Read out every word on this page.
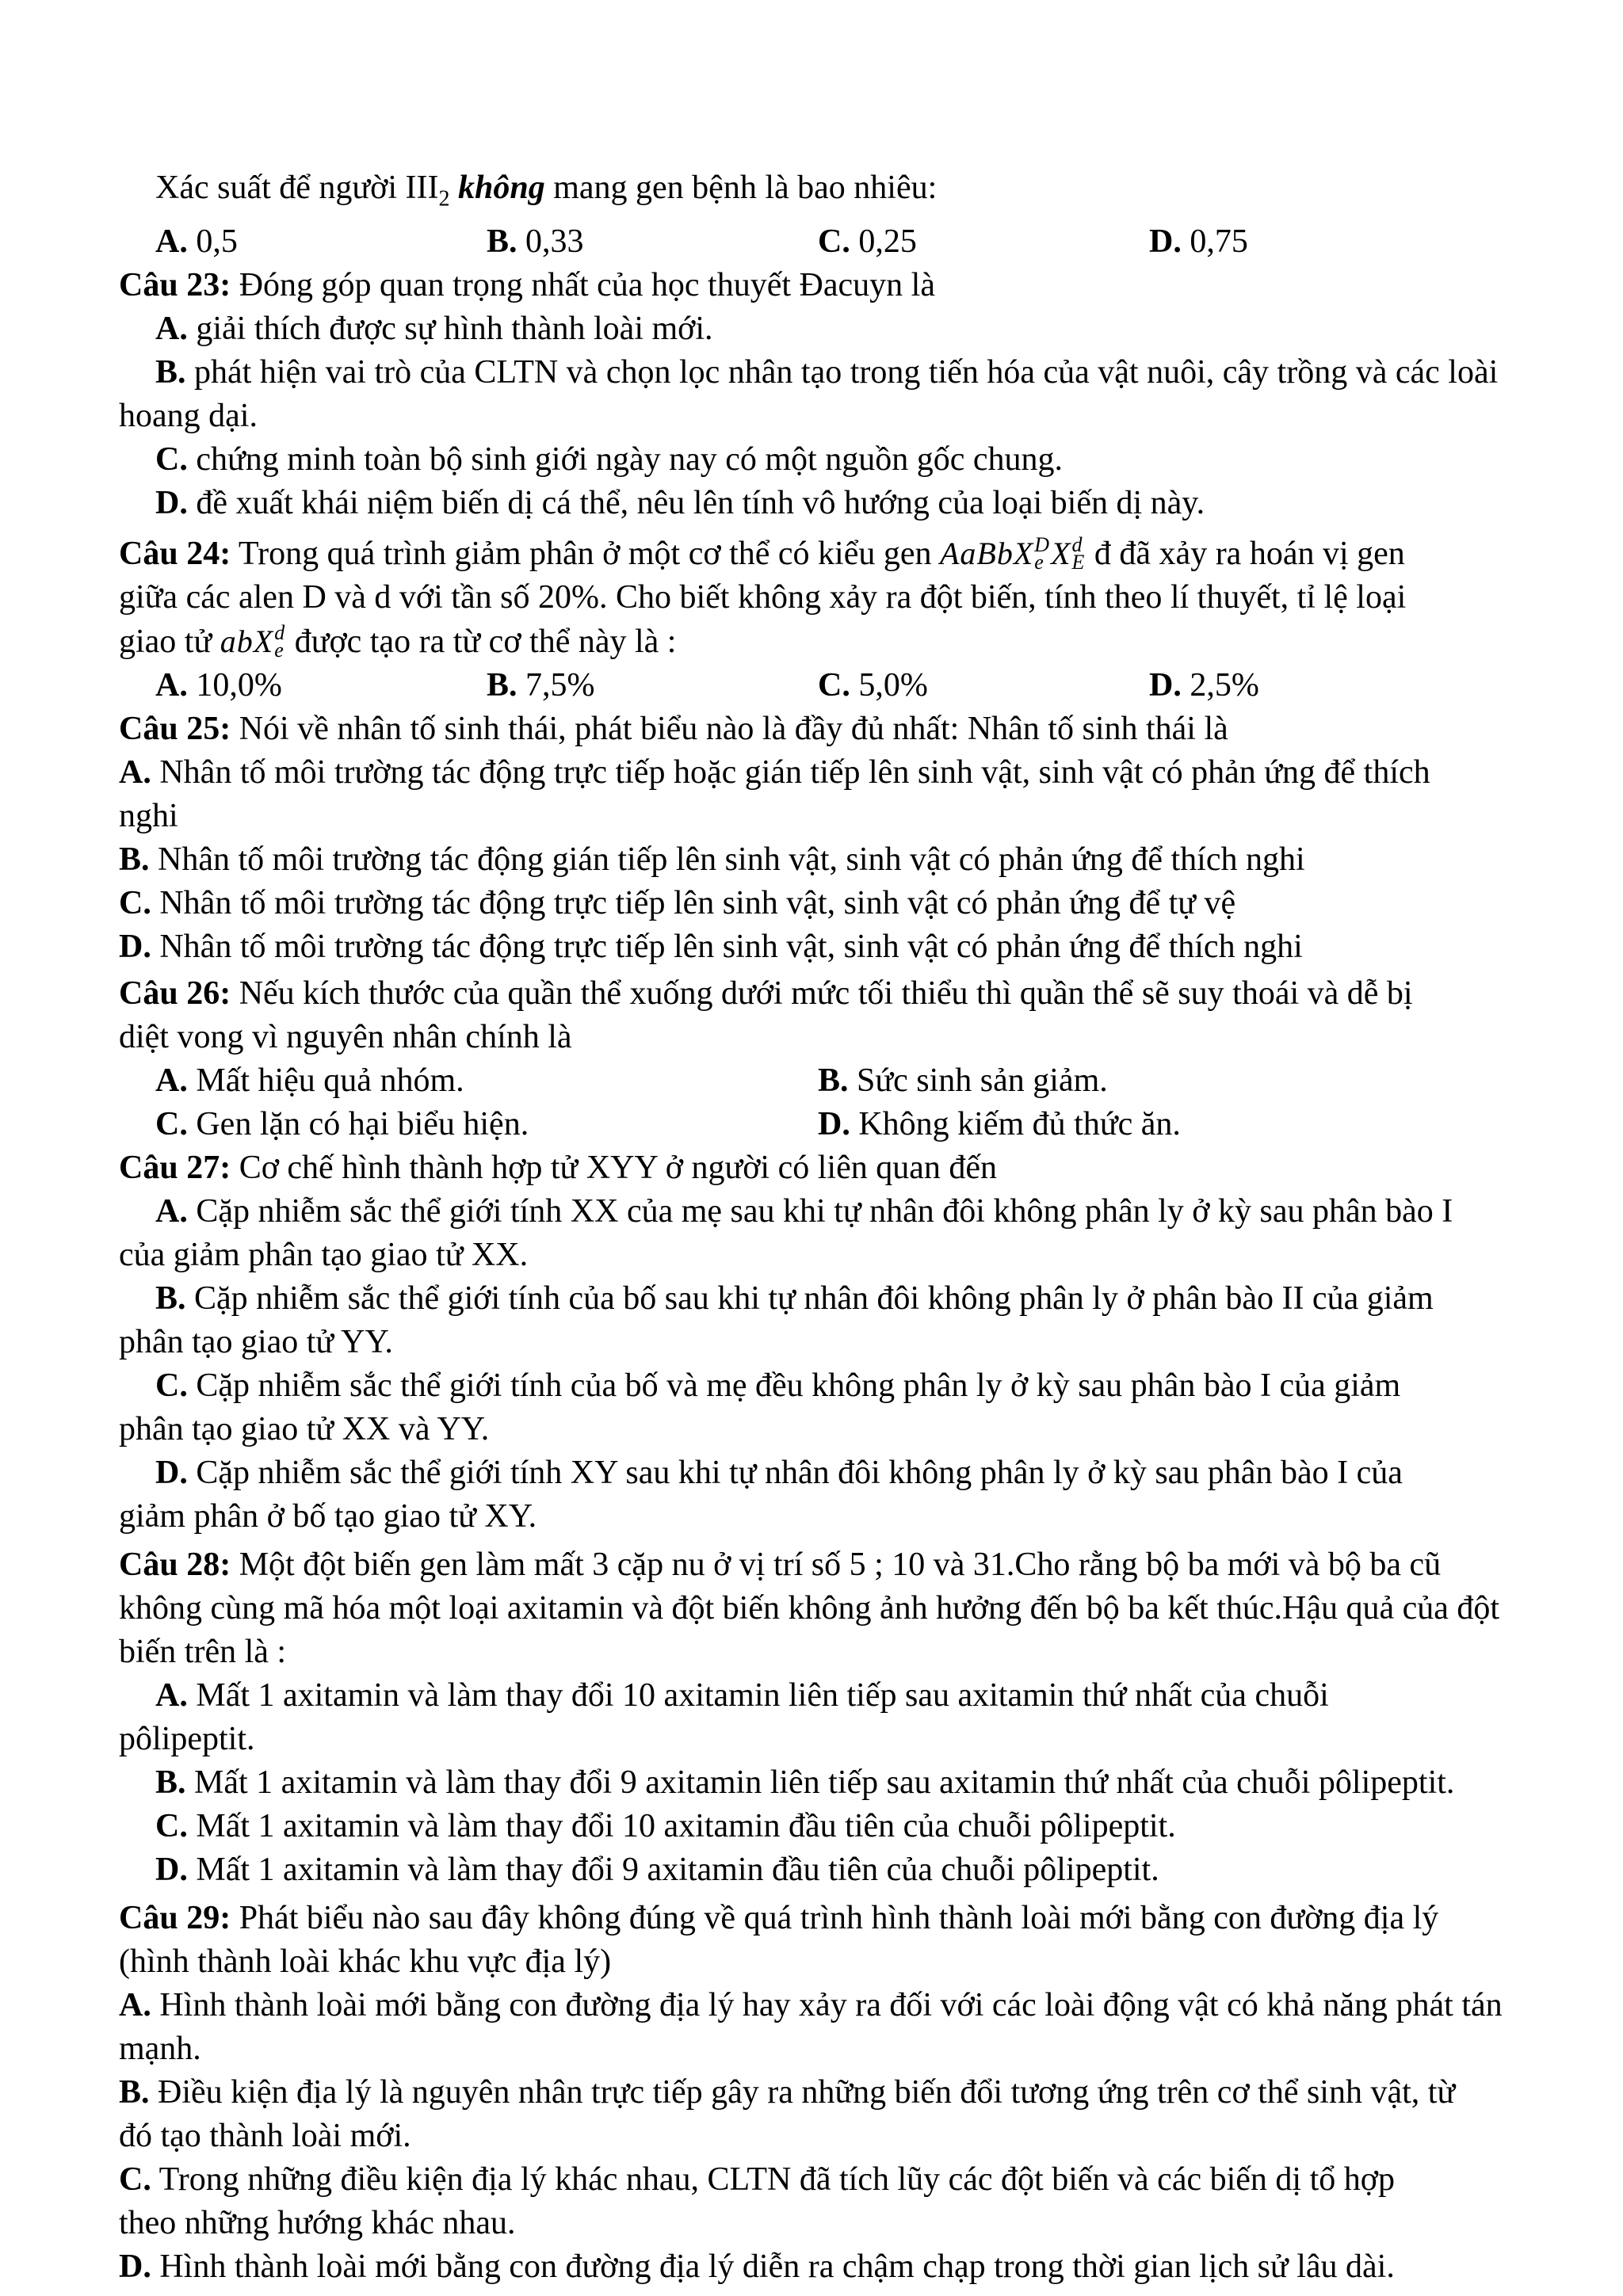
Xác suất để người $III_2$ không mang gen bệnh là bao nhiêu:
A. 0,5	B. 0,33	C. 0,25	D. 0,75
Câu 23: Đóng góp quan trọng nhất của học thuyết Đacuyn là
A. giải thích được sự hình thành loài mới.
B. phát hiện vai trò của CLTN và chọn lọc nhân tạo trong tiến hóa của vật nuôi, cây trồng và các loài
hoang dại.
C. chứng minh toàn bộ sinh giới ngày nay có một nguồn gốc chung.
D. đề xuất khái niệm biến dị cá thể, nêu lên tính vô hướng của loại biến dị này.
Câu 24: Trong quá trình giảm phân ở một cơ thể có kiểu gen AaBbX D
e X d
E đ đã xảy ra hoán vị gen
giữa các alen D và d với tần số 20%. Cho biết không xảy ra đột biến, tính theo lí thuyết, tỉ lệ loại
giao tử abX d
e được tạo ra từ cơ thể này là :
A. 10,0%	B. 7,5%	C. 5,0%	D. 2,5%
Câu 25: Nói về nhân tố sinh thái, phát biểu nào là đầy đủ nhất: Nhân tố sinh thái là
A. Nhân tố môi trường tác động trực tiếp hoặc gián tiếp lên sinh vật, sinh vật có phản ứng để thích
nghi
B. Nhân tố môi trường tác động gián tiếp lên sinh vật, sinh vật có phản ứng để thích nghi
C. Nhân tố môi trường tác động trực tiếp lên sinh vật, sinh vật có phản ứng để tự vệ
D. Nhân tố môi trường tác động trực tiếp lên sinh vật, sinh vật có phản ứng để thích nghi
Câu 26: Nếu kích thước của quần thể xuống dưới mức tối thiểu thì quần thể sẽ suy thoái và dễ bị
diệt vong vì nguyên nhân chính là
A. Mất hiệu quả nhóm.	B. Sức sinh sản giảm.
C. Gen lặn có hại biểu hiện.	D. Không kiếm đủ thức ăn.
Câu 27: Cơ chế hình thành hợp tử XYY ở người có liên quan đến
A. Cặp nhiễm sắc thể giới tính XX của mẹ sau khi tự nhân đôi không phân ly ở kỳ sau phân bào I
của giảm phân tạo giao tử XX.
B. Cặp nhiễm sắc thể giới tính của bố sau khi tự nhân đôi không phân ly ở phân bào II của giảm
phân tạo giao tử YY.
C. Cặp nhiễm sắc thể giới tính của bố và mẹ đều không phân ly ở kỳ sau phân bào I của giảm
phân tạo giao tử XX và YY.
D. Cặp nhiễm sắc thể giới tính XY sau khi tự nhân đôi không phân ly ở kỳ sau phân bào I của
giảm phân ở bố tạo giao tử XY.
Câu 28: Một đột biến gen làm mất 3 cặp nu ở vị trí số 5 ; 10 và 31.Cho rằng bộ ba mới và bộ ba cũ
không cùng mã hóa một loại axitamin và đột biến không ảnh hưởng đến bộ ba kết thúc.Hậu quả của đột
biến trên là :
A. Mất 1 axitamin và làm thay đổi 10 axitamin liên tiếp sau axitamin thứ nhất của chuỗi
pôlipeptit.
B. Mất 1 axitamin và làm thay đổi 9 axitamin liên tiếp sau axitamin thứ nhất của chuỗi pôlipeptit.
C. Mất 1 axitamin và làm thay đổi 10 axitamin đầu tiên của chuỗi pôlipeptit.
D. Mất 1 axitamin và làm thay đổi 9 axitamin đầu tiên của chuỗi pôlipeptit.
Câu 29: Phát biểu nào sau đây không đúng về quá trình hình thành loài mới bằng con đường địa lý
(hình thành loài khác khu vực địa lý)
A. Hình thành loài mới bằng con đường địa lý hay xảy ra đối với các loài động vật có khả năng phát tán
mạnh.
B. Điều kiện địa lý là nguyên nhân trực tiếp gây ra những biến đổi tương ứng trên cơ thể sinh vật, từ
đó tạo thành loài mới.
C. Trong những điều kiện địa lý khác nhau, CLTN đã tích lũy các đột biến và các biến dị tổ hợp
theo những hướng khác nhau.
D. Hình thành loài mới bằng con đường địa lý diễn ra chậm chạp trong thời gian lịch sử lâu dài.
